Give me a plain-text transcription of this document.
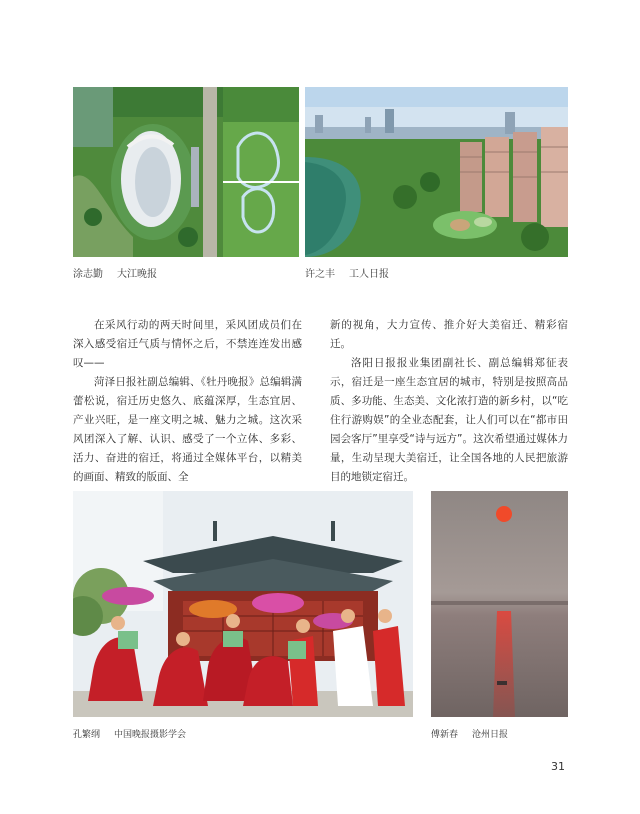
涂志勤 大江晚报	许之丰 工人日报

在采风行动的两天时间里，采风团成员们在深入感受宿迁气质与情怀之后，不禁连连发出感叹——

菏泽日报社副总编辑、《牡丹晚报》总编辑满蕾松说，宿迁历史悠久、底蕴深厚，生态宜居、产业兴旺，是一座文明之城、魅力之城。这次采风团深入了解、认识、感受了一个立体、多彩、活力、奋进的宿迁，将通过全媒体平台，以精美的画面、精致的版面、全

新的视角，大力宣传、推介好大美宿迁、精彩宿迁。

洛阳日报报业集团副社长、副总编辑郑征表示，宿迁是一座生态宜居的城市，特别是按照高品质、多功能、生态美、文化浓打造的新乡村，以“吃住行游购娱”的全业态配套，让人们可以在“都市田园会客厅”里享受“诗与远方”。这次希望通过媒体力量，生动呈现大美宿迁，让全国各地的人民把旅游目的地锁定宿迁。

孔繁纲 中国晚报摄影学会	傅新春 沧州日报
31
